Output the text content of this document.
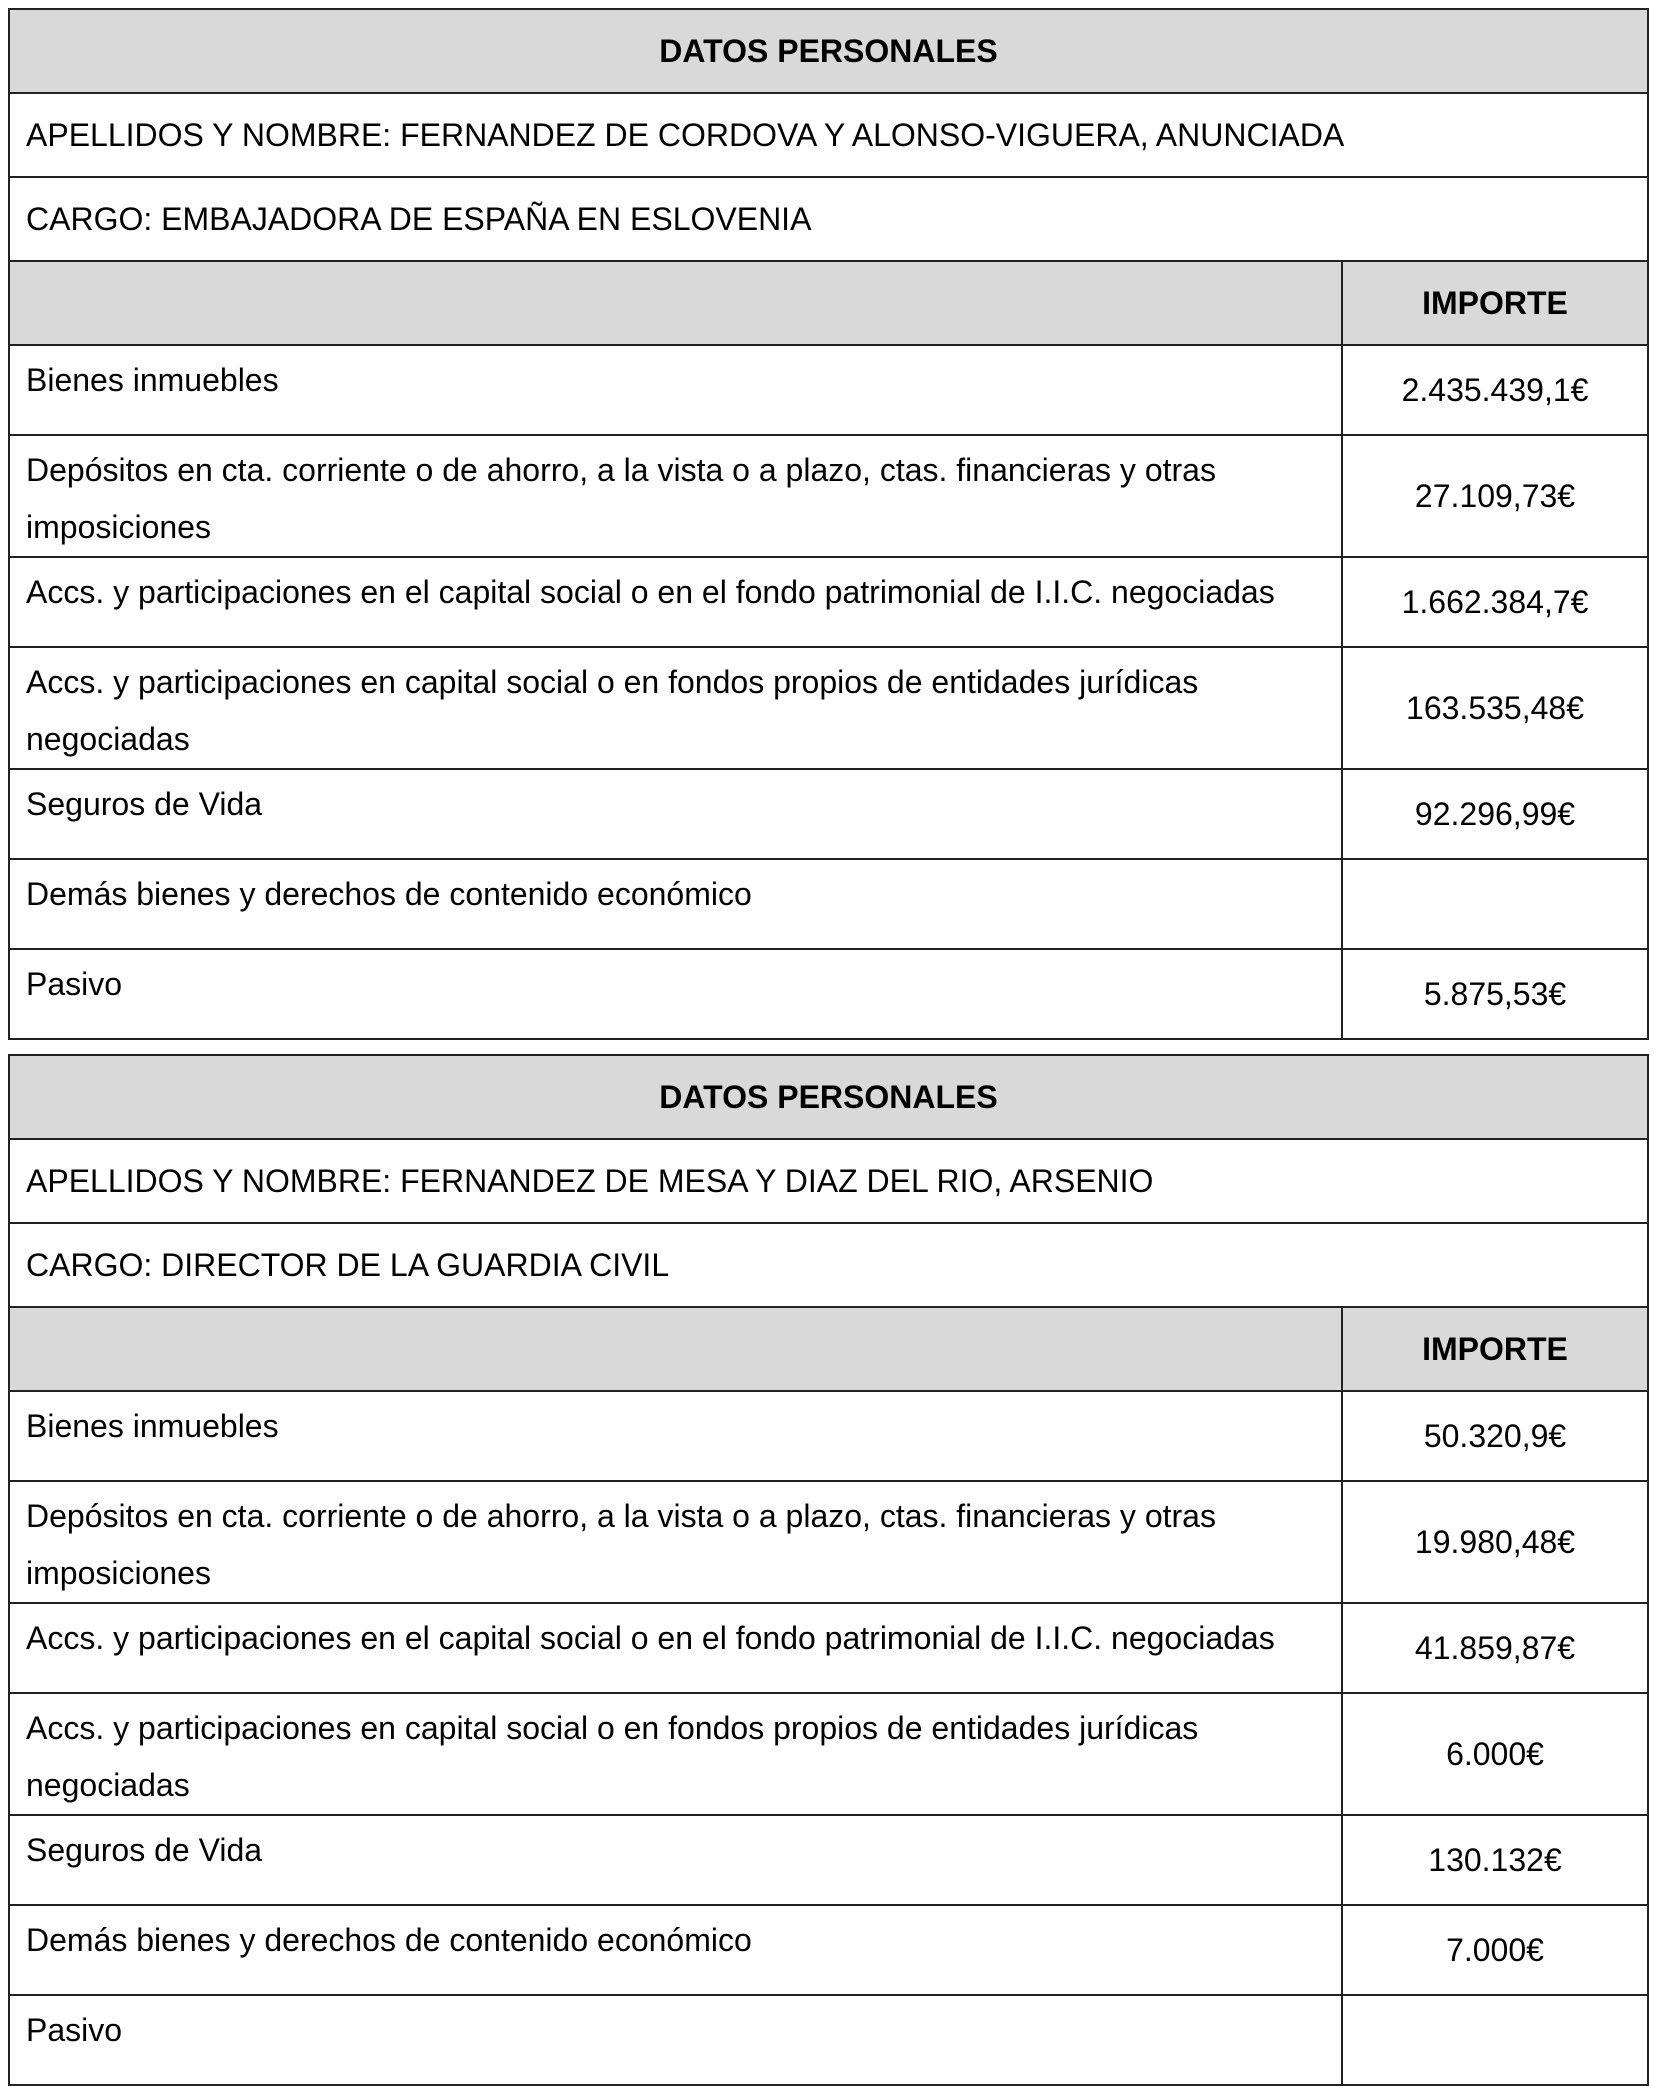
DATOS PERSONALES	
APELLIDOS Y NOMBRE: FERNANDEZ DE CORDOVA Y ALONSO-VIGUERA, ANUNCIADA	
CARGO: EMBAJADORA DE ESPAÑA EN ESLOVENIA	
	IMPORTE
Bienes inmuebles	2.435.439,1€
Depósitos en cta. corriente o de ahorro, a la vista o a plazo, ctas. financieras y otras imposiciones	27.109,73€
Accs. y participaciones en el capital social o en el fondo patrimonial de I.I.C. negociadas	1.662.384,7€
Accs. y participaciones en capital social o en fondos propios de entidades jurídicas negociadas	163.535,48€
Seguros de Vida	92.296,99€
Demás bienes y derechos de contenido económico	
Pasivo	5.875,53€
DATOS PERSONALES	
APELLIDOS Y NOMBRE: FERNANDEZ DE MESA Y DIAZ DEL RIO, ARSENIO	
CARGO: DIRECTOR DE LA GUARDIA CIVIL	
	IMPORTE
Bienes inmuebles	50.320,9€
Depósitos en cta. corriente o de ahorro, a la vista o a plazo, ctas. financieras y otras imposiciones	19.980,48€
Accs. y participaciones en el capital social o en el fondo patrimonial de I.I.C. negociadas	41.859,87€
Accs. y participaciones en capital social o en fondos propios de entidades jurídicas negociadas	6.000€
Seguros de Vida	130.132€
Demás bienes y derechos de contenido económico	7.000€
Pasivo	
